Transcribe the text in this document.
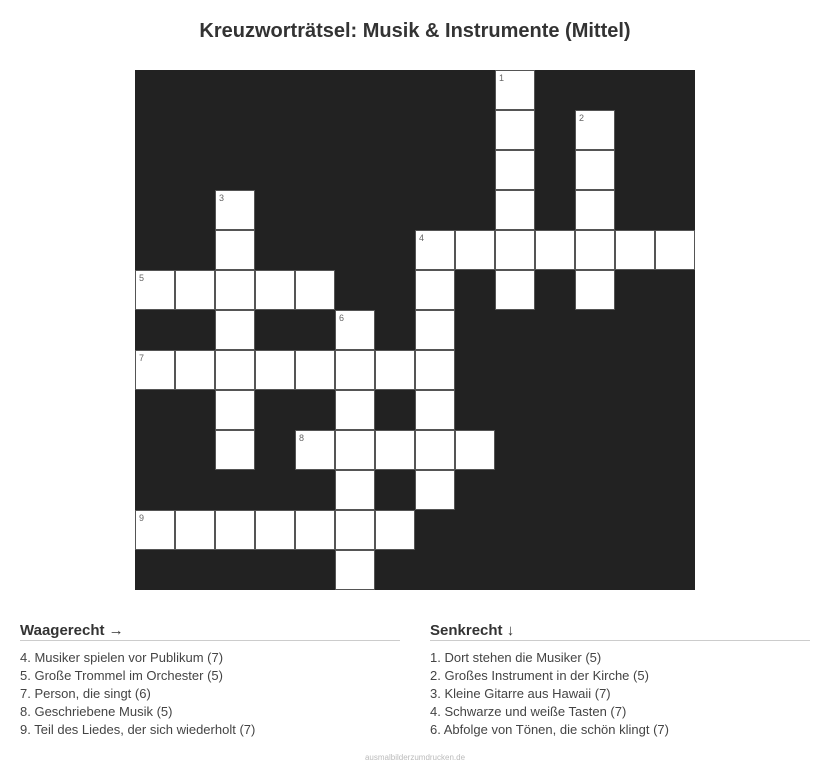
Kreuzworträtsel: Musik & Instrumente (Mittel)
1
2
3
4
5
6
7
8
9
Waagerecht →
4. Musiker spielen vor Publikum (7)
5. Große Trommel im Orchester (5)
7. Person, die singt (6)
8. Geschriebene Musik (5)
9. Teil des Liedes, der sich wiederholt (7)
Senkrecht ↓
1. Dort stehen die Musiker (5)
2. Großes Instrument in der Kirche (5)
3. Kleine Gitarre aus Hawaii (7)
4. Schwarze und weiße Tasten (7)
6. Abfolge von Tönen, die schön klingt (7)
ausmalbilderzumdrucken.de
